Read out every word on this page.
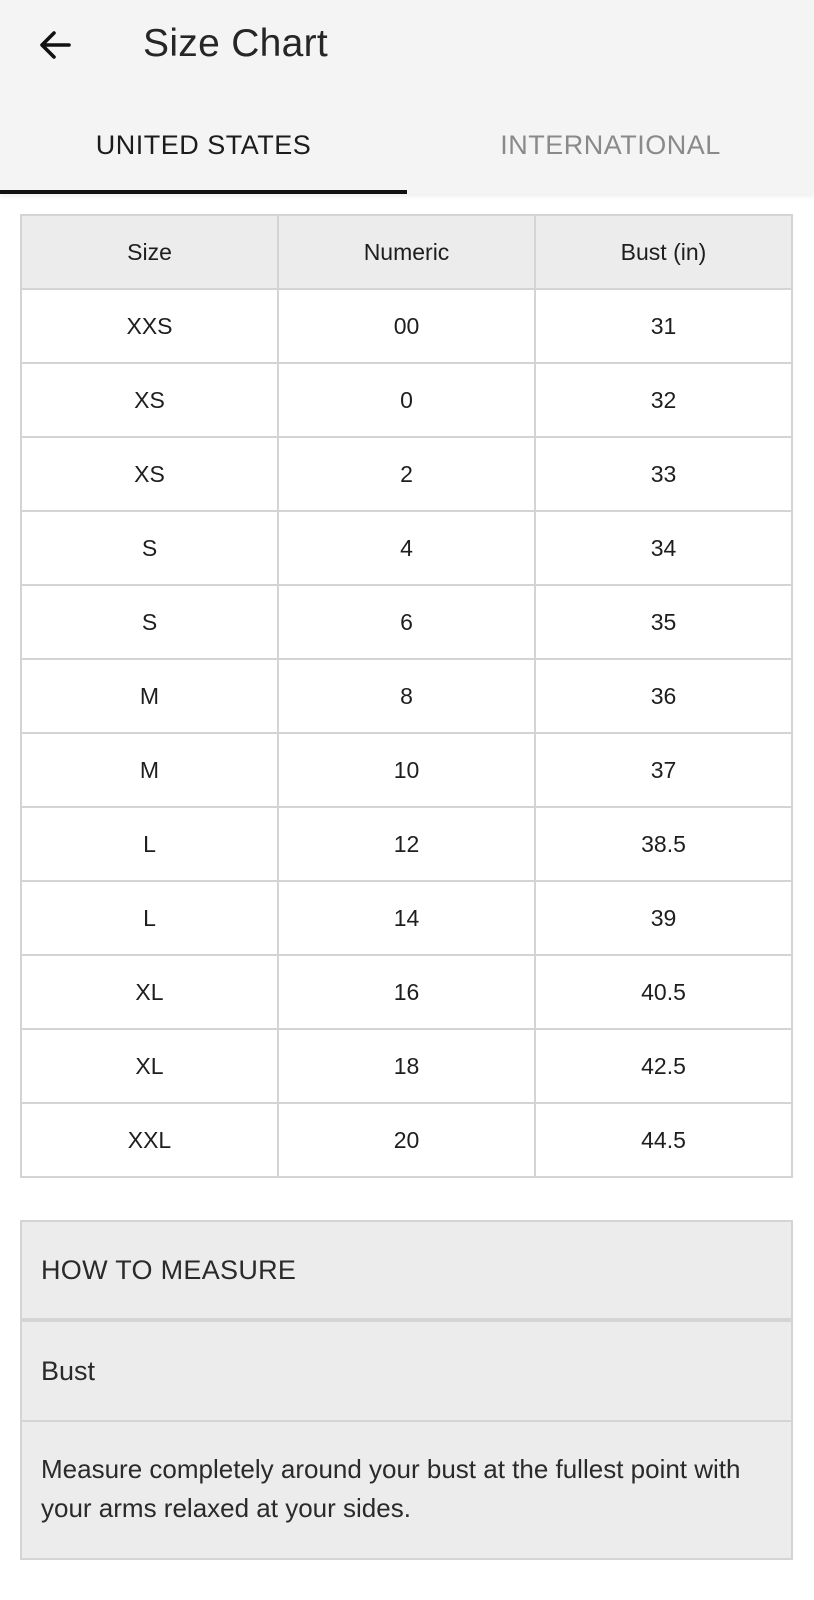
Size Chart
UNITED STATES	INTERNATIONAL
Size	Numeric	Bust (in)
XXS	00	31
XS	0	32
XS	2	33
S	4	34
S	6	35
M	8	36
M	10	37
L	12	38.5
L	14	39
XL	16	40.5
XL	18	42.5
XXL	20	44.5
HOW TO MEASURE
Bust
Measure completely around your bust at the fullest point with your arms relaxed at your sides.
